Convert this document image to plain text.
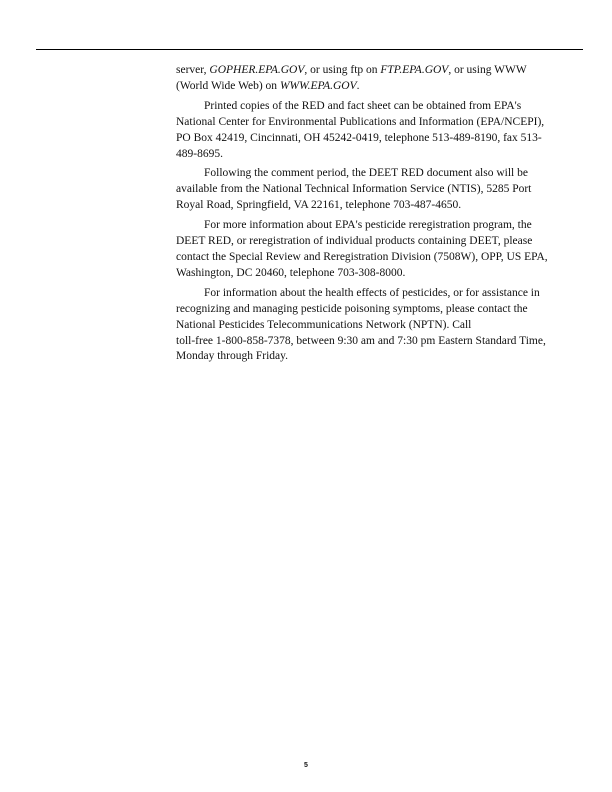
server, GOPHER.EPA.GOV, or using ftp on FTP.EPA.GOV, or using WWW (World Wide Web) on WWW.EPA.GOV.

Printed copies of the RED and fact sheet can be obtained from EPA's National Center for Environmental Publications and Information (EPA/NCEPI), PO Box 42419, Cincinnati, OH 45242-0419, telephone 513-489-8190, fax 513-489-8695.

Following the comment period, the DEET RED document also will be available from the National Technical Information Service (NTIS), 5285 Port Royal Road, Springfield, VA 22161, telephone 703-487-4650.

For more information about EPA's pesticide reregistration program, the DEET RED, or reregistration of individual products containing DEET, please contact the Special Review and Reregistration Division (7508W), OPP, US EPA, Washington, DC 20460, telephone 703-308-8000.

For information about the health effects of pesticides, or for assistance in recognizing and managing pesticide poisoning symptoms, please contact the National Pesticides Telecommunications Network (NPTN). Call

toll-free 1-800-858-7378, between 9:30 am and 7:30 pm Eastern Standard Time, Monday through Friday.

5
